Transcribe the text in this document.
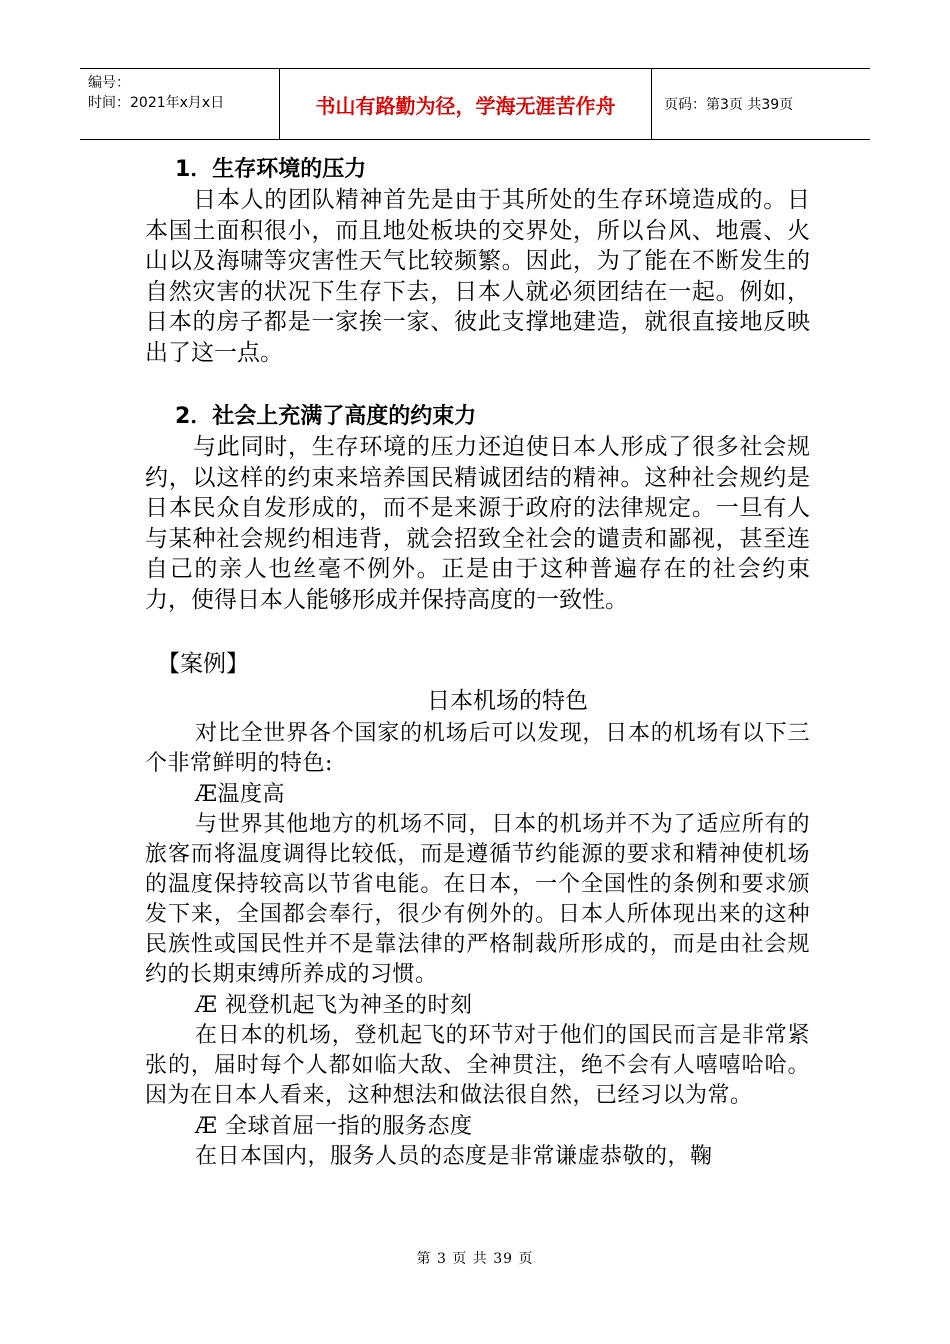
编号：
时间：2021年x月x日	书山有路勤为径，学海无涯苦作舟	页码：第3页 共39页
1．生存环境的压力

日本人的团队精神首先是由于其所处的生存环境造成的。日本国土面积很小，而且地处板块的交界处，所以台风、地震、火山以及海啸等灾害性天气比较频繁。因此，为了能在不断发生的自然灾害的状况下生存下去，日本人就必须团结在一起。例如，日本的房子都是一家挨一家、彼此支撑地建造，就很直接地反映出了这一点。

2．社会上充满了高度的约束力

与此同时，生存环境的压力还迫使日本人形成了很多社会规约，以这样的约束来培养国民精诚团结的精神。这种社会规约是日本民众自发形成的，而不是来源于政府的法律规定。一旦有人与某种社会规约相违背，就会招致全社会的谴责和鄙视，甚至连自己的亲人也丝毫不例外。正是由于这种普遍存在的社会约束力，使得日本人能够形成并保持高度的一致性。

【案例】
日本机场的特色

对比全世界各个国家的机场后可以发现，日本的机场有以下三个非常鲜明的特色:

Æ温度高

与世界其他地方的机场不同，日本的机场并不为了适应所有的旅客而将温度调得比较低，而是遵循节约能源的要求和精神使机场的温度保持较高以节省电能。在日本，一个全国性的条例和要求颁发下来，全国都会奉行，很少有例外的。日本人所体现出来的这种民族性或国民性并不是靠法律的严格制裁所形成的，而是由社会规约的长期束缚所养成的习惯。

Æ 视登机起飞为神圣的时刻

在日本的机场，登机起飞的环节对于他们的国民而言是非常紧张的，届时每个人都如临大敌、全神贯注，绝不会有人嘻嘻哈哈。因为在日本人看来，这种想法和做法很自然，已经习以为常。

Æ 全球首屈一指的服务态度

在日本国内，服务人员的态度是非常谦虚恭敬的，鞠

第 3 页 共 39 页
